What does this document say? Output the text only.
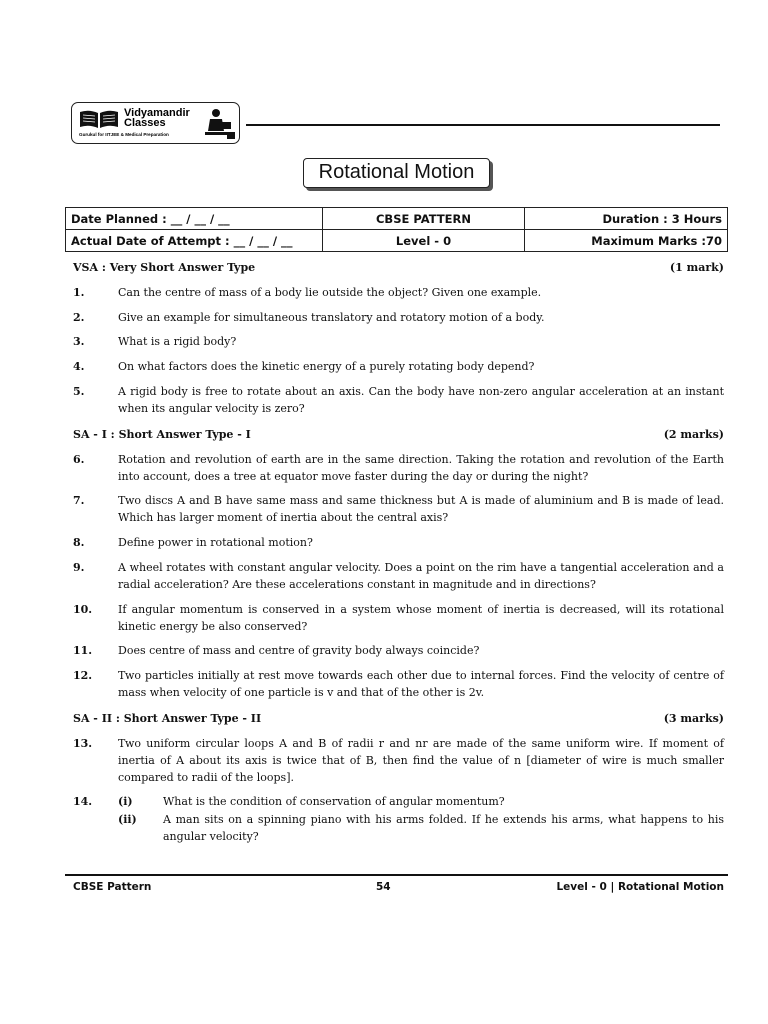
Vidyamandir
Classes
Gurukul for IITJEE & Medical Preparation
Rotational Motion
Date Planned : __ / __ / __	CBSE PATTERN	Duration : 3 Hours
Actual Date of Attempt : __ / __ / __	Level - 0	Maximum Marks :70
(1 mark)
VSA : Very Short Answer Type
1.	Can the centre of mass of a body lie outside the object? Given one example.
2.	Give an example for simultaneous translatory and rotatory motion of a body.
3.	What is a rigid body?
4.	On what factors does the kinetic energy of a purely rotating body depend?
5.	A rigid body is free to rotate about an axis. Can the body have non-zero angular acceleration at an instant when its angular velocity is zero?
(2 marks)
SA - I : Short Answer Type - I
6.	Rotation and revolution of earth are in the same direction. Taking the rotation and revolution of the Earth into account, does a tree at equator move faster during the day or during the night?
7.	Two discs A and B have same mass and same thickness but A is made of aluminium and B is made of lead. Which has larger moment of inertia about the central axis?
8.	Define power in rotational motion?
9.	A wheel rotates with constant angular velocity. Does a point on the rim have a tangential acceleration and a radial acceleration? Are these accelerations constant in magnitude and in directions?
10. If angular momentum is conserved in a system whose moment of inertia is decreased, will its rotational kinetic energy be also conserved?
11. Does centre of mass and centre of gravity body always coincide?
12. Two particles initially at rest move towards each other due to internal forces. Find the velocity of centre of mass when velocity of one particle is v and that of the other is 2v.
(3 marks)
SA - II : Short Answer Type - II
13. Two uniform circular loops A and B of radii r and nr are made of the same uniform wire. If moment of inertia of A about its axis is twice that of B, then find the value of n [diameter of wire is much smaller compared to radii of the loops].
14. (i)	What is the condition of conservation of angular momentum?
(ii) A man sits on a spinning piano with his arms folded. If he extends his arms, what happens to his angular velocity?
CBSE Pattern	54	Level - 0 | Rotational Motion
